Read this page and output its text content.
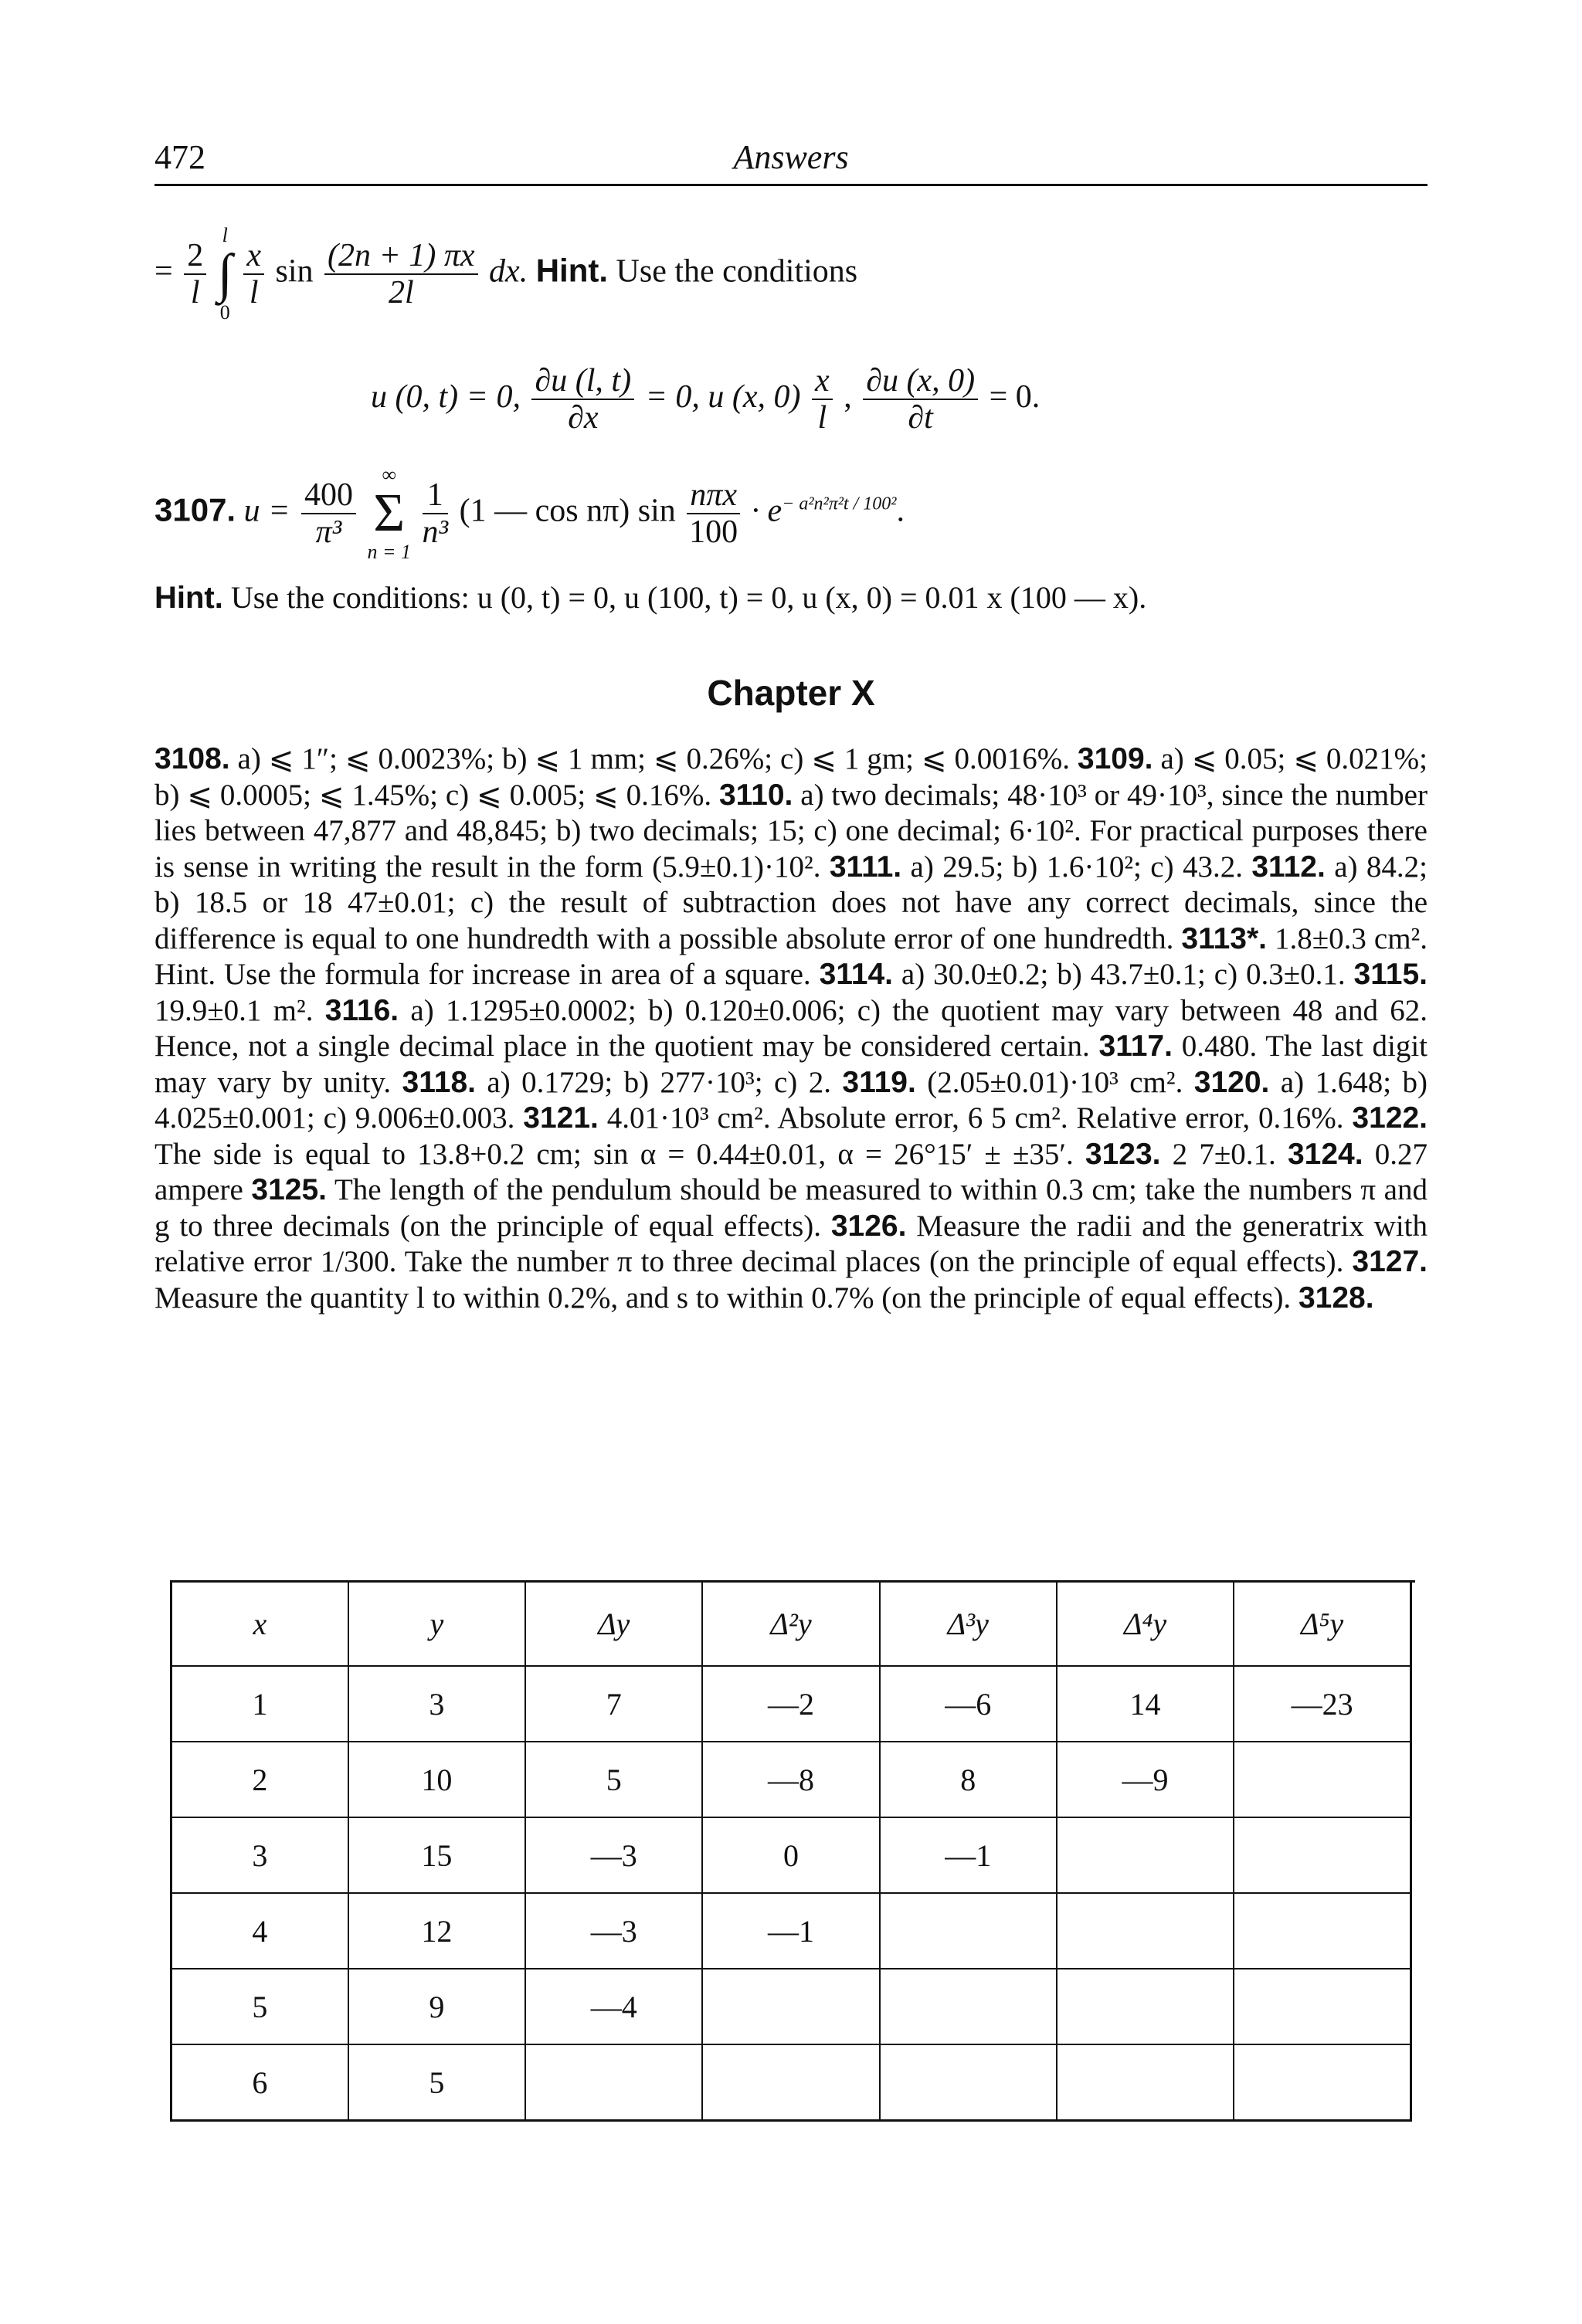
472	Answers
= $\frac{2}{l}$

l
∫
0

$\frac{x}{l}$ $\sin \frac{(2n + 1) \pi x}{2l}$ dx. Hint. Use the conditions
u (0, t) = 0, $\frac{\partial u (l, t)}{\partial x} = 0$, u (x, $0) \frac{x}{l}$ , $\frac{\partial u (x, 0)}{\partial t} = 0$.
3107. $u = \frac{400}{\text{π³}}$

∞
Σ
n = 1

$\frac{1}{\text{n³}} (1$ — cos nπ) $\sin \frac{\text{nπx}}{100} \cdot e^{- a^2n^2\pi^2t / 100^2}$.
Hint. Use the conditions: u (0, t) = 0, u (100, t) = 0, u (x, 0) = 0.01 x (100 — x).
Chapter X
3108. a) ⩽ 1″; ⩽ 0.0023%; b) ⩽ 1 mm; ⩽ 0.26%; c) ⩽ 1 gm; ⩽ 0.0016%. 3109. a) ⩽ 0.05; ⩽ 0.021%; b) ⩽ 0.0005; ⩽ 1.45%; c) ⩽ 0.005; ⩽ 0.16%. 3110. a) two decimals; 48·10³ or 49·10³, since the number lies between 47,877 and 48,845; b) two decimals; 15; c) one decimal; 6·10². For practical purposes there is sense in writing the result in the form (5.9±0.1)·10². 3111. a) 29.5; b) 1.6·10²; c) 43.2. 3112. a) 84.2; b) 18.5 or 18 47±0.01; c) the result of subtraction does not have any correct decimals, since the difference is equal to one hundredth with a possible absolute error of one hundredth. 3113*. 1.8±0.3 cm². Hint. Use the formula for increase in area of a square. 3114. a) 30.0±0.2; b) 43.7±0.1; c) 0.3±0.1. 3115. 19.9±0.1 m². 3116. a) 1.1295±0.0002; b) 0.120±0.006; c) the quotient may vary between 48 and 62. Hence, not a single decimal place in the quotient may be considered certain. 3117. 0.480. The last digit may vary by unity. 3118. a) 0.1729; b) 277·10³; c) 2. 3119. (2.05±0.01)·10³ cm². 3120. a) 1.648; b) 4.025±0.001; c) 9.006±0.003. 3121. 4.01·10³ cm². Absolute error, 6 5 cm². Relative error, 0.16%. 3122. The side is equal to 13.8+0.2 cm; sin α = 0.44±0.01, α = 26°15′ ± ±35′. 3123. 2 7±0.1. 3124. 0.27 ampere 3125. The length of the pendulum should be measured to within 0.3 cm; take the numbers π and g to three decimals (on the principle of equal effects). 3126. Measure the radii and the generatrix with relative error 1/300. Take the number π to three decimal places (on the principle of equal effects). 3127. Measure the quantity l to within 0.2%, and s to within 0.7% (on the principle of equal effects). 3128.
x	y	Δy	Δ²y	Δ³y	Δ⁴y	Δ⁵y
1	3	7	—2	—6	14	—23
2	10	5	—8	8	—9	
3	15	—3	0	—1		
4	12	—3	—1			
5	9	—4				
6	5					
